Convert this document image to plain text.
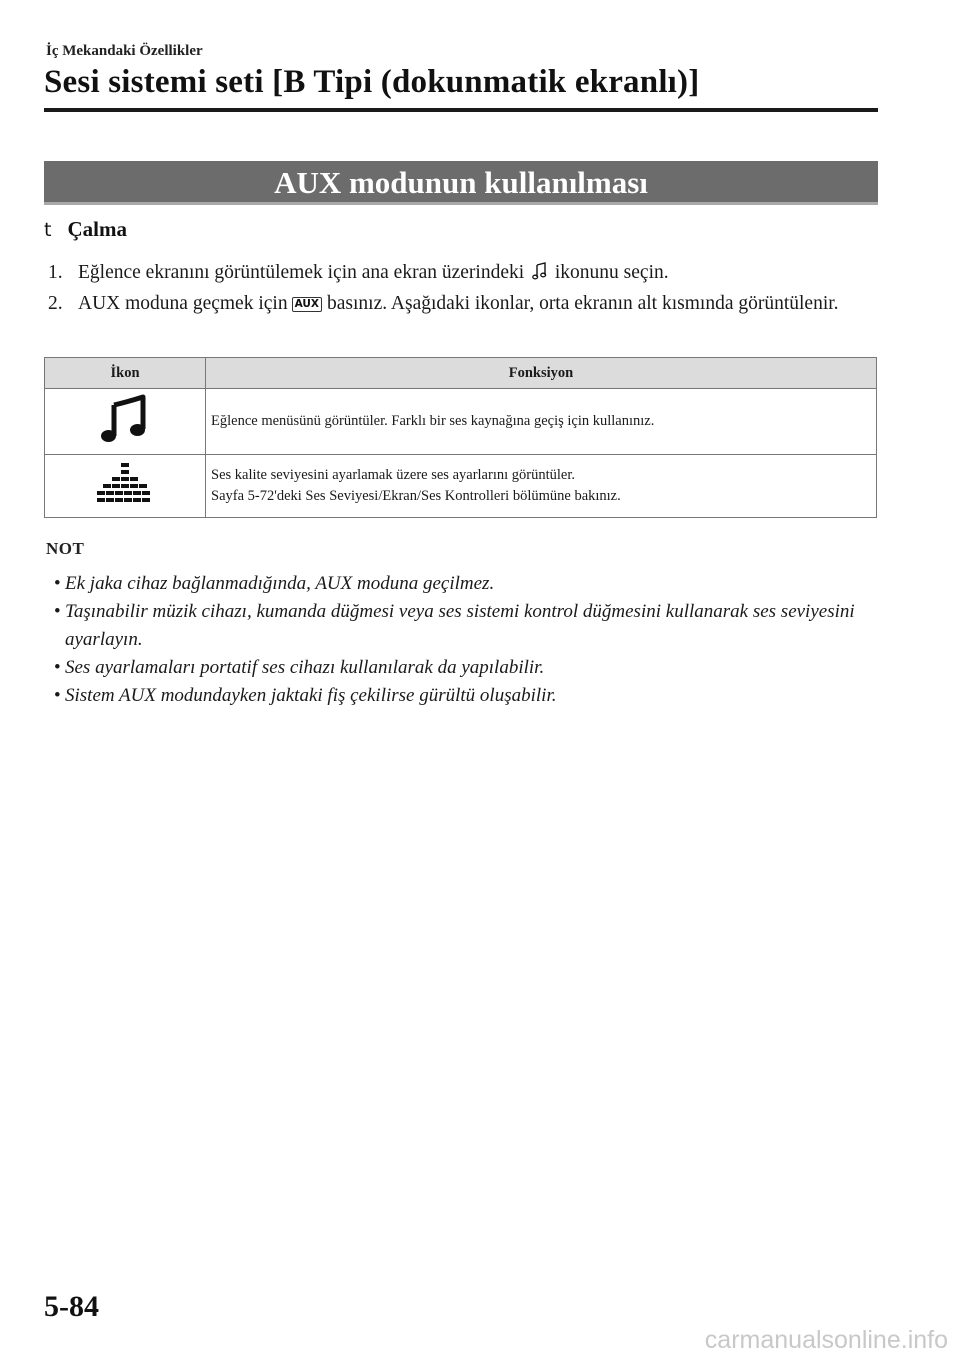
İç Mekandaki Özellikler
Sesi sistemi seti [B Tipi (dokunmatik ekranlı)]
AUX modunun kullanılması
t Çalma
1. Eğlence ekranını görüntülemek için ana ekran üzerindeki ikonunu seçin.
2. AUX moduna geçmek için AUX basınız. Aşağıdaki ikonlar, orta ekranın alt kısmında görüntülenir.
İkon	Fonksiyon

Eğlence menüsünü görüntüler. Farklı bir ses kaynağına geçiş için kullanınız.

Ses kalite seviyesini ayarlamak üzere ses ayarlarını görüntüler.
Sayfa 5-72'deki Ses Seviyesi/Ekran/Ses Kontrolleri bölümüne bakınız.
NOT
• Ek jaka cihaz bağlanmadığında, AUX moduna geçilmez.
• Taşınabilir müzik cihazı, kumanda düğmesi veya ses sistemi kontrol düğmesini kullanarak ses seviyesini ayarlayın.
• Ses ayarlamaları portatif ses cihazı kullanılarak da yapılabilir.
• Sistem AUX modundayken jaktaki fiş çekilirse gürültü oluşabilir.
5-84
carmanualsonline.info
